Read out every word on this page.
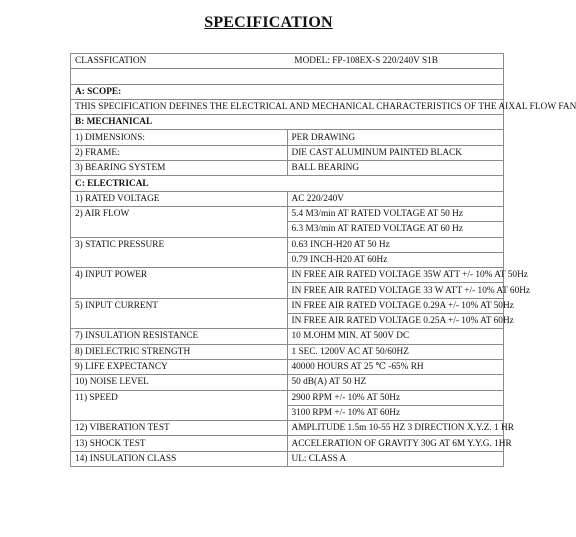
SPECIFICATION
CLASSFICATION MODEL: FP-108EX-S 220/240V S1B	

A: SCOPE:	
THIS SPECIFICATION DEFINES THE ELECTRICAL AND MECHANICAL CHARACTERISTICS OF THE AIXAL FLOW FAN	
B: MECHANICAL	
1) DIMENSIONS:	PER DRAWING
2) FRAME:	DIE CAST ALUMINUM PAINTED BLACK
3) BEARING SYSTEM	BALL BEARING
C: ELECTRICAL	
1) RATED VOLTAGE	AC 220/240V
2) AIR FLOW	5.4 M3/min AT RATED VOLTAGE AT 50 Hz
	6.3 M3/min AT RATED VOLTAGE AT 60 Hz
3) STATIC PRESSURE	0.63 INCH-H20 AT 50 Hz
	0.79 INCH-H20 AT 60Hz
4) INPUT POWER	IN FREE AIR RATED VOLTAGE 35W ATT +/- 10% AT 50Hz
	IN FREE AIR RATED VOLTAGE 33 W ATT +/- 10% AT 60Hz
5) INPUT CURRENT	IN FREE AIR RATED VOLTAGE 0.29A +/- 10% AT 50Hz
	IN FREE AIR RATED VOLTAGE 0.25A +/- 10% AT 60Hz
7) INSULATION RESISTANCE	10 M.OHM MIN. AT 500V DC
8) DIELECTRIC STRENGTH	1 SEC. 1200V AC AT 50/60HZ
9) LIFE EXPECTANCY	40000 HOURS AT 25 ℃ -65% RH
10) NOISE LEVEL	50 dB(A) AT 50 HZ
11) SPEED	2900 RPM +/- 10% AT 50Hz
	3100 RPM +/- 10% AT 60Hz
12) VIBERATION TEST	AMPLITUDE 1.5m 10-55 HZ 3 DIRECTION X.Y.Z. 1 HR
13) SHOCK TEST	ACCELERATION OF GRAVITY 30G AT 6M Y.Y.G. 1HR
14) INSULATION CLASS	UL: CLASS A
